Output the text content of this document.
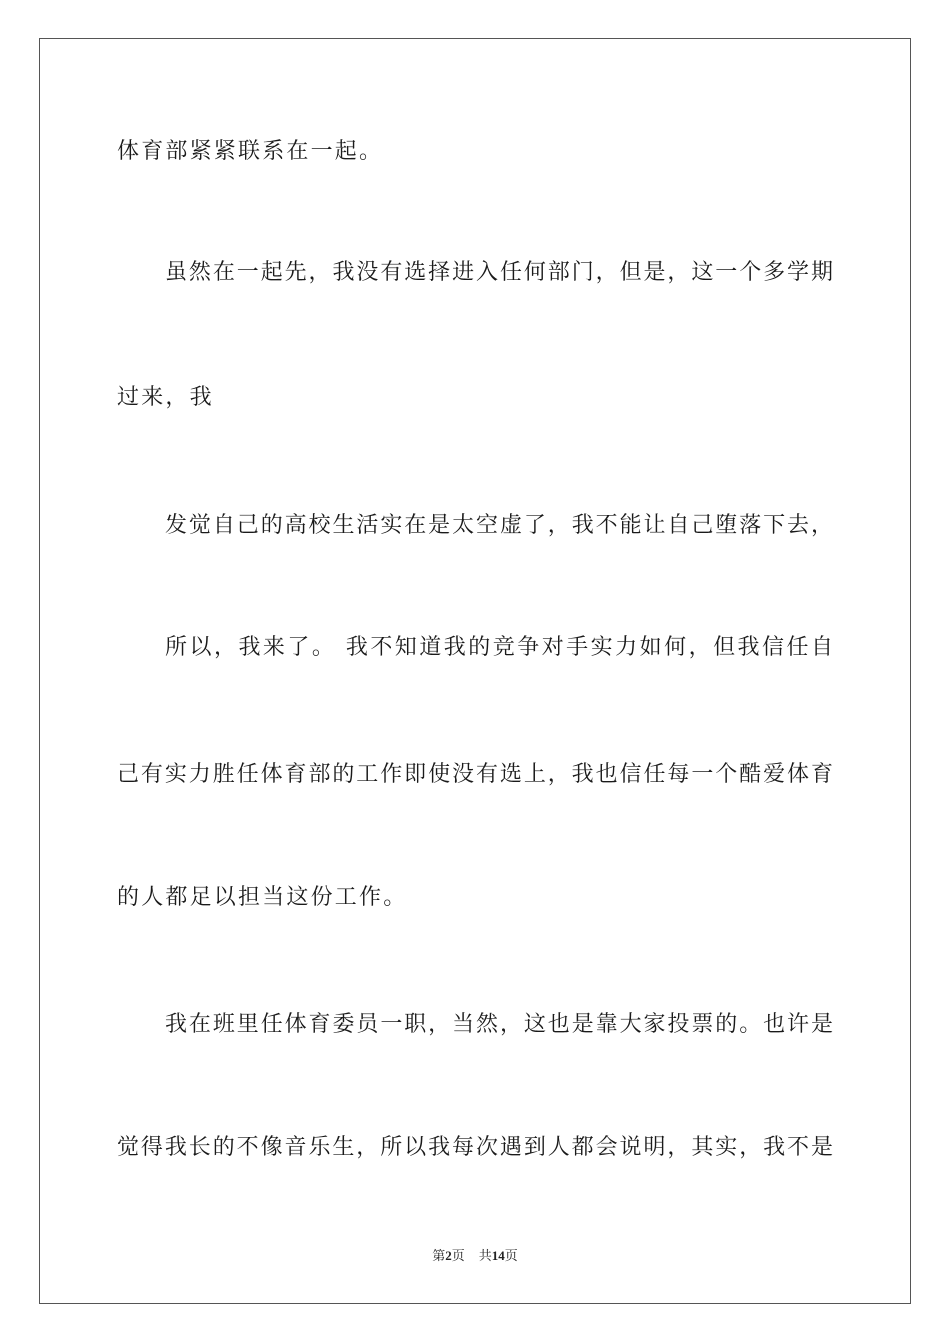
体育部紧紧联系在一起。
虽然在一起先，我没有选择进入任何部门，但是，这一个多学期
过来，我
发觉自己的高校生活实在是太空虚了，我不能让自己堕落下去，
所以，我来了。 我不知道我的竞争对手实力如何，但我信任自
己有实力胜任体育部的工作即使没有选上，我也信任每一个酷爱体育
的人都足以担当这份工作。
我在班里任体育委员一职，当然，这也是靠大家投票的。也许是
觉得我长的不像音乐生，所以我每次遇到人都会说明，其实，我不是
第2页 共14页
